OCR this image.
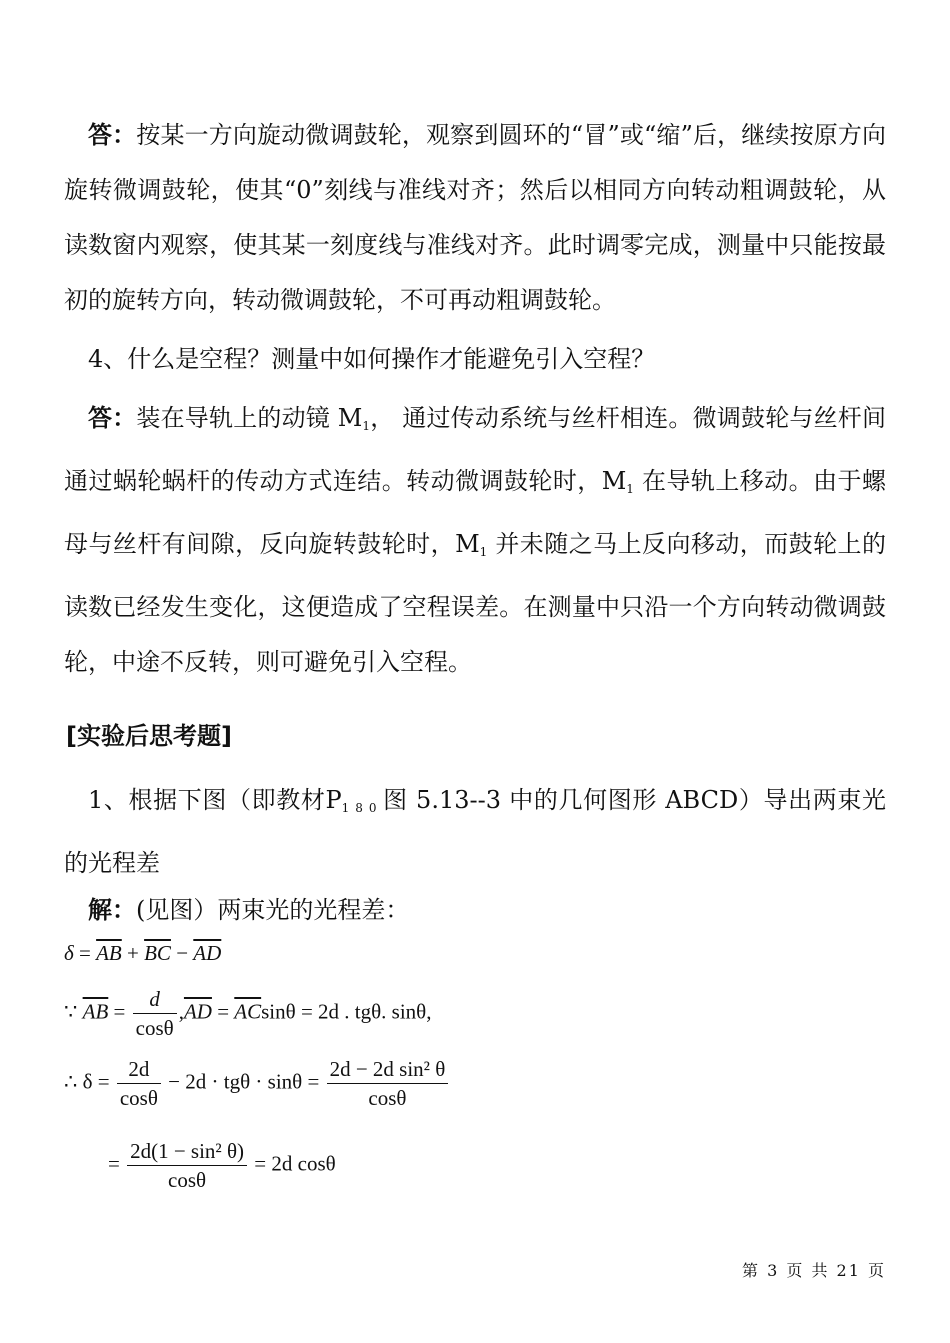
答：按某一方向旋动微调鼓轮，观察到圆环的“冒”或“缩”后，继续按原方向旋转微调鼓轮，使其“0”刻线与准线对齐；然后以相同方向转动粗调鼓轮，从读数窗内观察，使其某一刻度线与准线对齐。此时调零完成，测量中只能按最初的旋转方向，转动微调鼓轮，不可再动粗调鼓轮。

4、什么是空程？测量中如何操作才能避免引入空程？

答：装在导轨上的动镜 $M_1$， 通过传动系统与丝杆相连。微调鼓轮与丝杆间通过蜗轮蜗杆的传动方式连结。转动微调鼓轮时，$M_1$ 在导轨上移动。由于螺母与丝杆有间隙，反向旋转鼓轮时，$M_1$ 并未随之马上反向移动，而鼓轮上的读数已经发生变化，这便造成了空程误差。在测量中只沿一个方向转动微调鼓轮，中途不反转，则可避免引入空程。

[实验后思考题]

1、根据下图（即教材$P_{180}$图 5.13--3 中的几何图形 ABCD）导出两束光的光程差

解：(见图）两束光的光程差：

$\delta = \overline{AB} + \overline{BC} - \overline{AD}$
∵ $\overline{AB} = \frac{d}{\cos\theta} ,\overline{AD} = \overline{AC}\sin\theta = 2d$ . tgθ. sinθ,
∴ $\delta = \frac{2d}{\cos\theta} - 2d \cdot tg\theta \cdot \sin\theta = \frac{\text{2d − 2d sin² θ}}{\cos\theta}$
= $\frac{\text{2d(1 − sin² θ)}}{\cos\theta} = 2d$ cosθ
第 3 页 共 21 页
